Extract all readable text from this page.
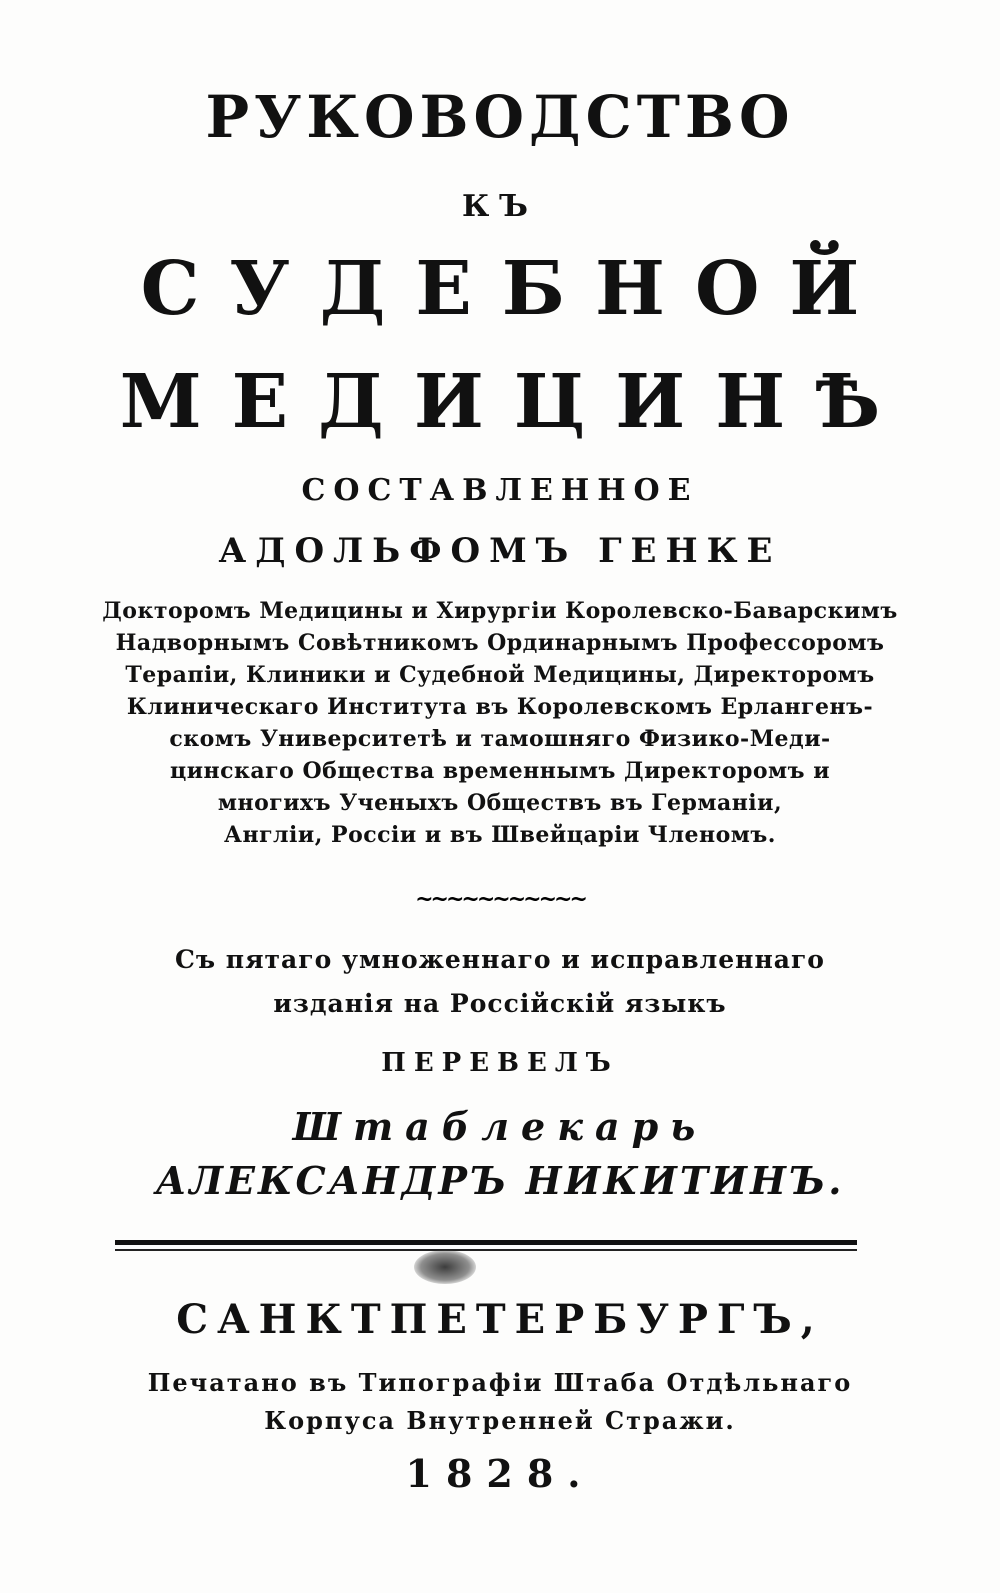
РУКОВОДСТВО
КЪ
СУДЕБНОЙ
МЕДИЦИНѢ
СОСТАВЛЕННОЕ
АДОЛЬФОМЪ ГЕНКЕ
Докторомъ Медицины и Хирургіи Королевско-Баварскимъ
Надворнымъ Совѣтникомъ Ординарнымъ Профессоромъ
Терапіи, Клиники и Судебной Медицины, Директоромъ
Клиническаго Института въ Королевскомъ Ерлангенъ-
скомъ Университетѣ и тамошняго Физико-Меди-
цинскаго Общества временнымъ Директоромъ и
многихъ Ученыхъ Обществъ въ Германіи,
Англіи, Россіи и въ Швейцаріи Членомъ.
~~~~~~~~~~~
Съ пятаго умноженнаго и исправленнаго
изданія на Россійскій языкъ
ПЕРЕВЕЛЪ
Штаблекарь
АЛЕКСАНДРЪ НИКИТИНЪ.
САНКТПЕТЕРБУРГЪ,
Печатано въ Типографіи Штаба Отдѣльнаго
Корпуса Внутренней Стражи.
1828.
